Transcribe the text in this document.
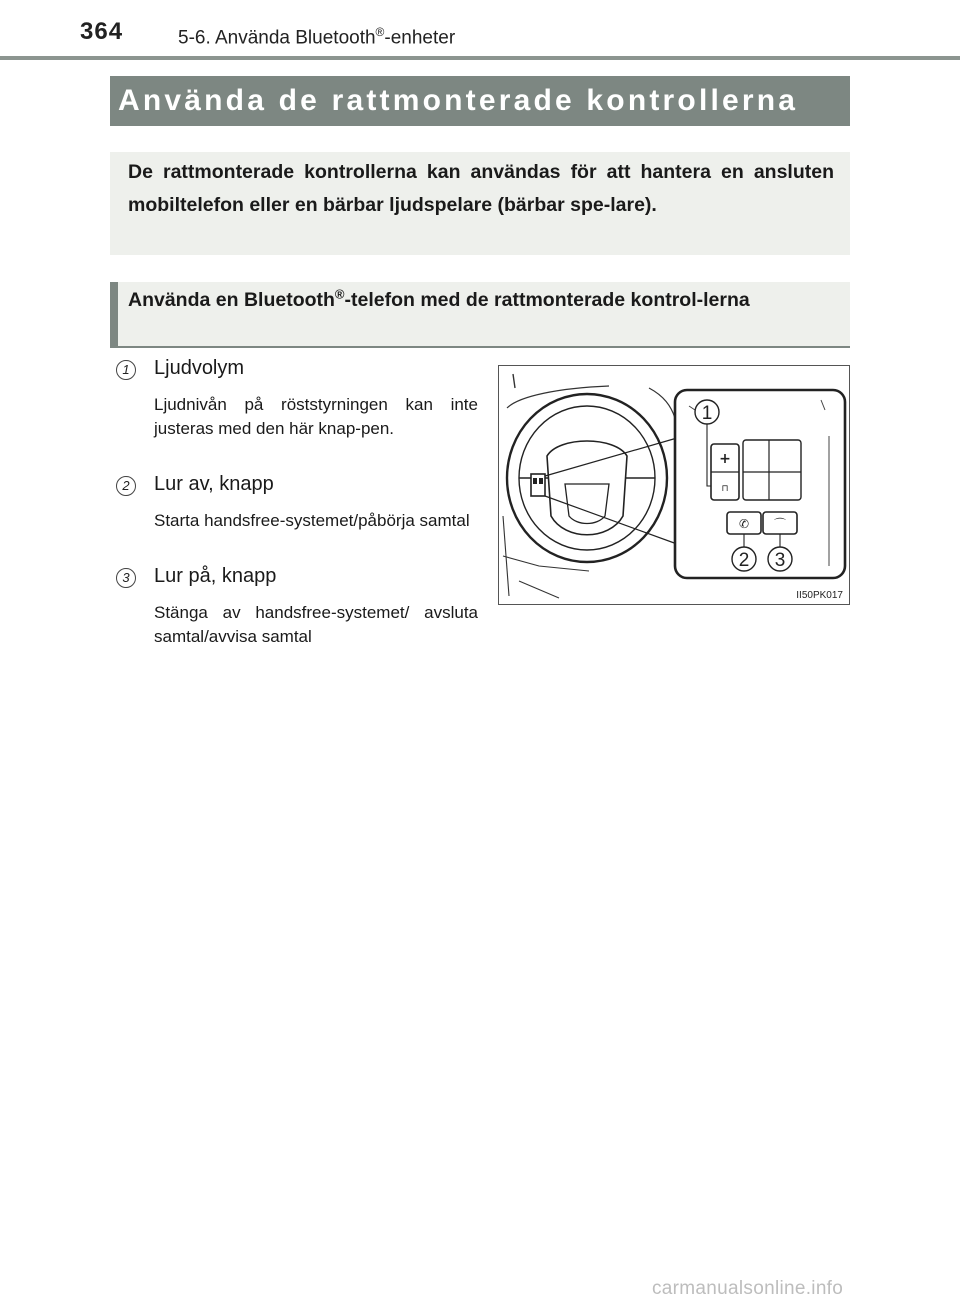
364	5-6. Använda Bluetooth®-enheter
Använda de rattmonterade kontrollerna
De rattmonterade kontrollerna kan användas för att hantera en ansluten mobiltelefon eller en bärbar ljudspelare (bärbar spe-lare).
Använda en Bluetooth®-telefon med de rattmonterade kontrol-lerna
1	Ljudvolym
Ljudnivån på röststyrningen kan inte justeras med den här knap-pen.
2	Lur av, knapp
Starta handsfree-systemet/påbörja samtal
3	Lur på, knapp
Stänga av handsfree-systemet/ avsluta samtal/avvisa samtal
+
⊓
✆ ⌒
1
2 3
II50PK017
carmanualsonline.info
